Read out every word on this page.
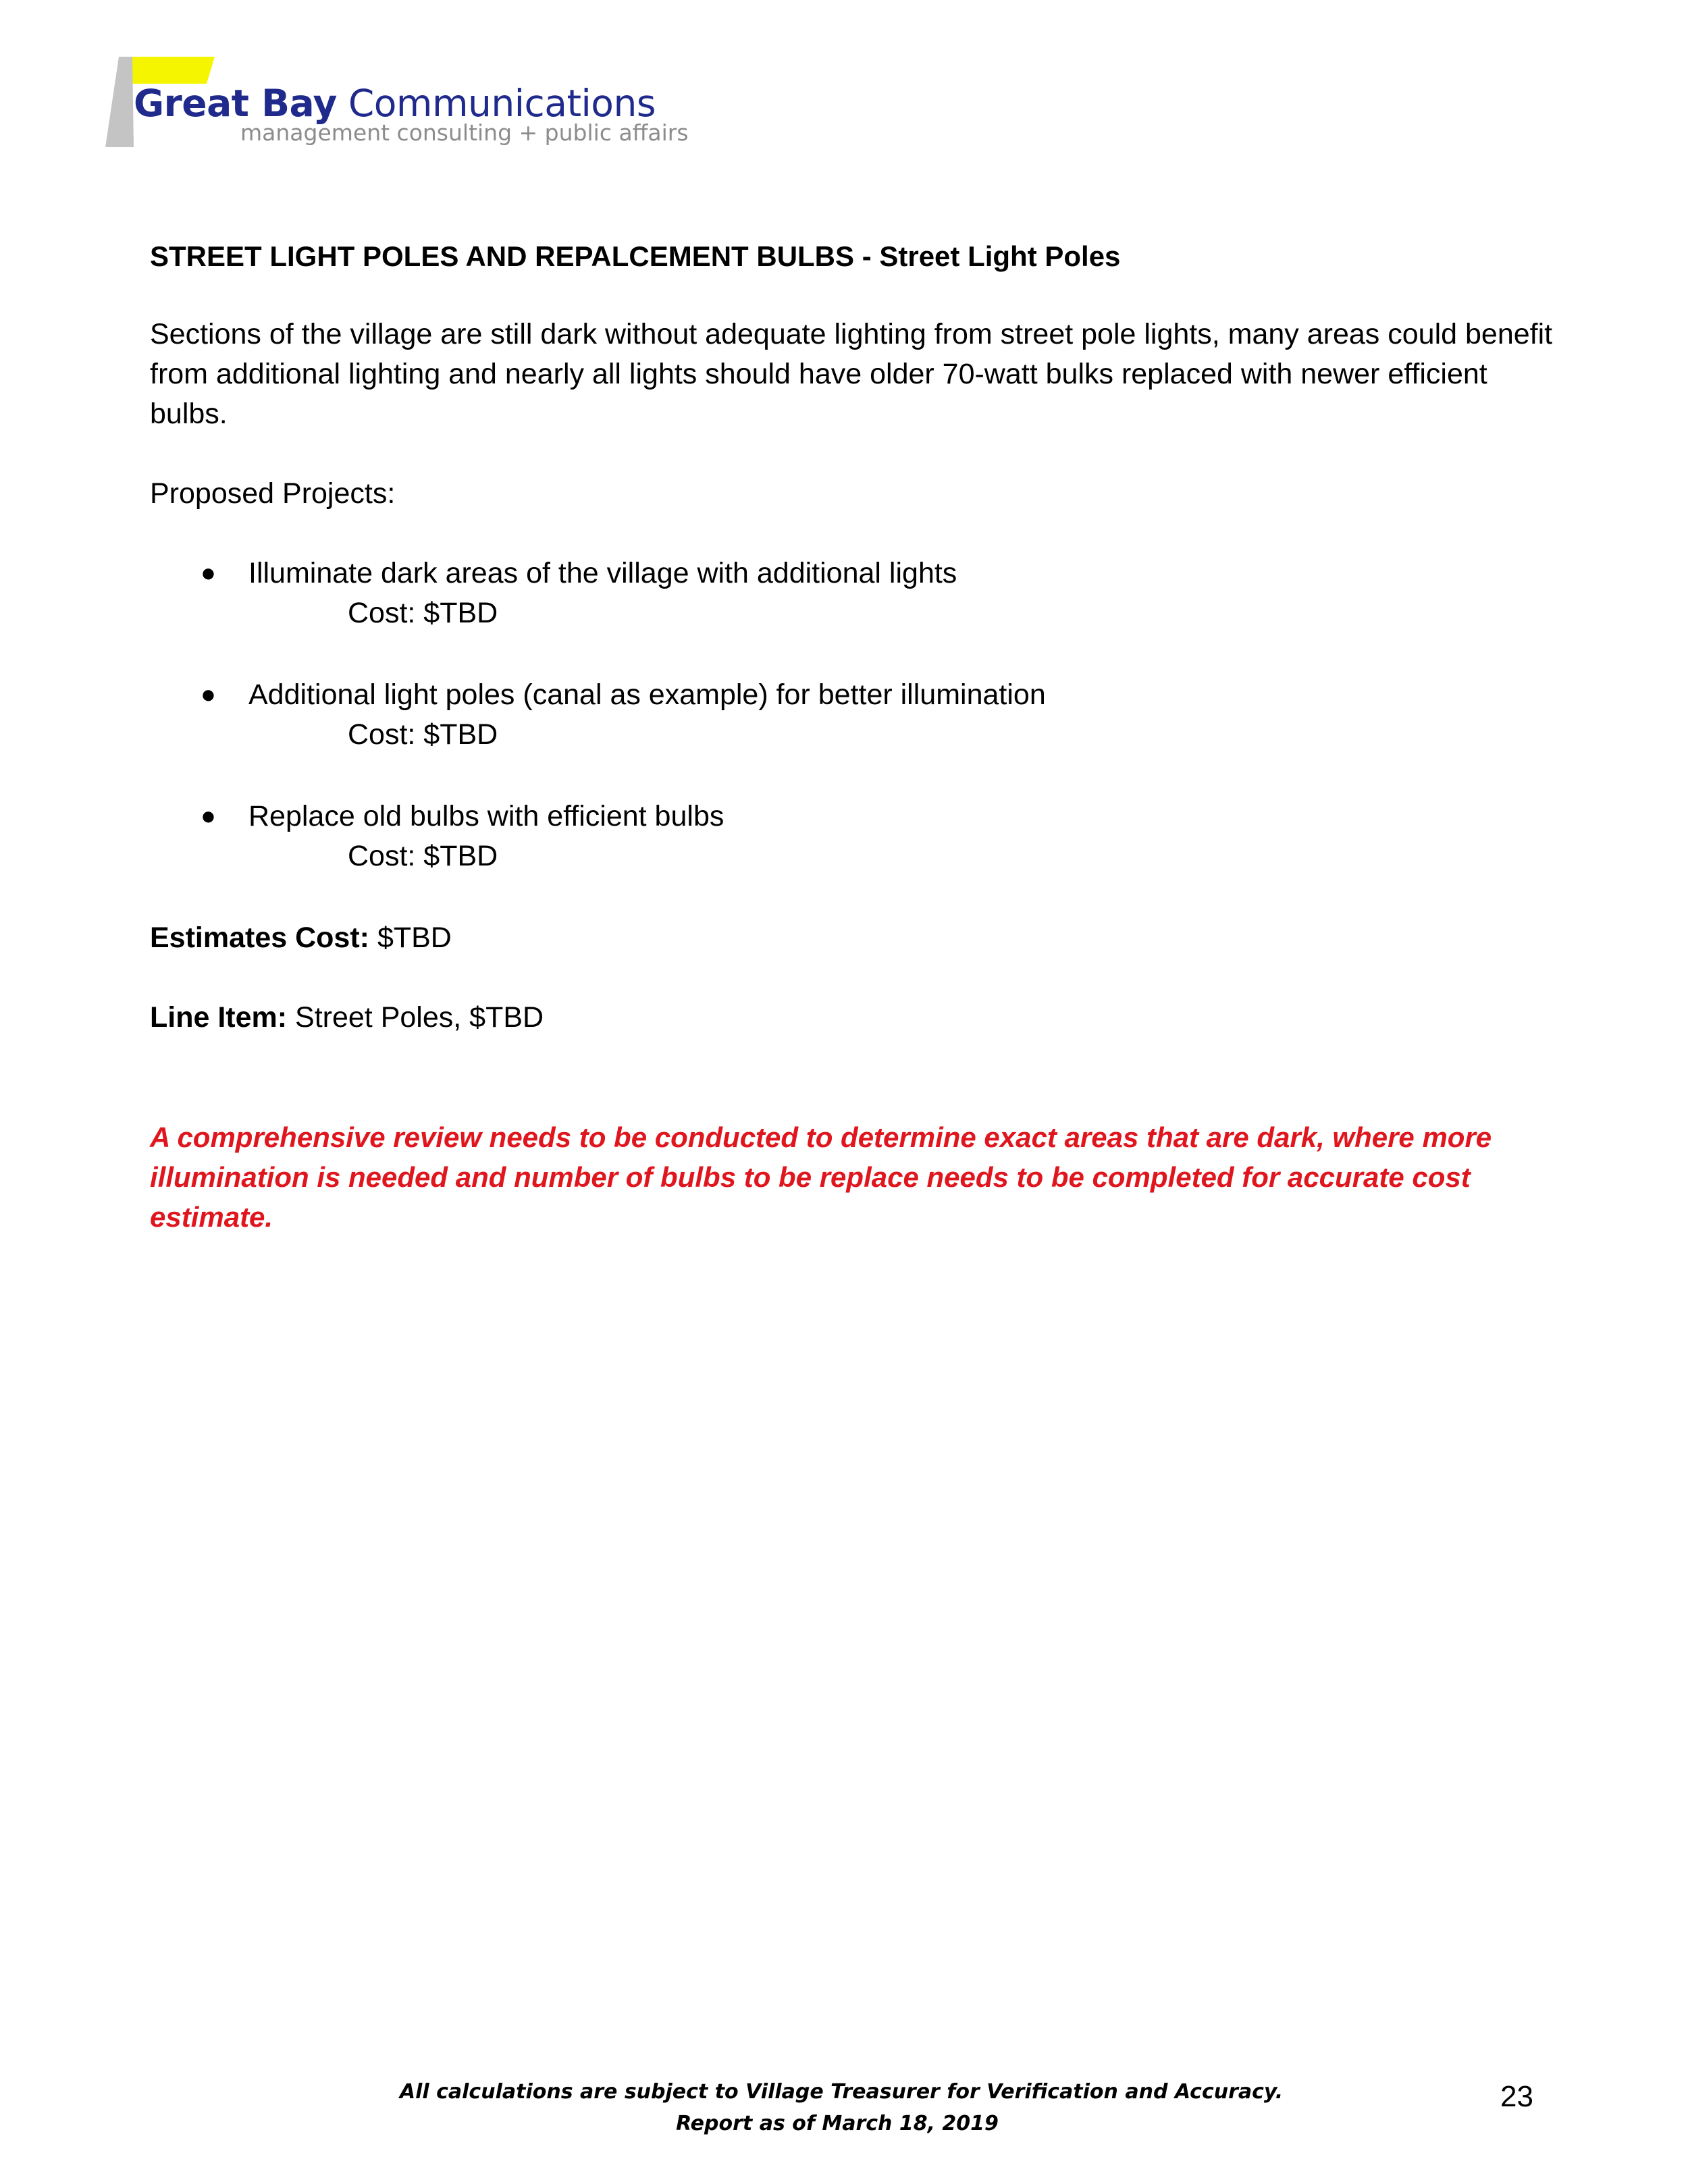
Great Bay Communications
management consulting + public affairs

STREET LIGHT POLES AND REPALCEMENT BULBS - Street Light Poles

Sections of the village are still dark without adequate lighting from street pole lights, many areas could benefit from additional lighting and nearly all lights should have older 70-watt bulks replaced with newer efficient bulbs.

Proposed Projects:

● Illuminate dark areas of the village with additional lights
Cost: $TBD
● Additional light poles (canal as example) for better illumination
Cost: $TBD
● Replace old bulbs with efficient bulbs
Cost: $TBD

Estimates Cost: $TBD

Line Item: Street Poles, $TBD

A comprehensive review needs to be conducted to determine exact areas that are dark, where more illumination is needed and number of bulbs to be replace needs to be completed for accurate cost estimate.

All calculations are subject to Village Treasurer for Verification and Accuracy.
Report as of March 18, 2019
23
